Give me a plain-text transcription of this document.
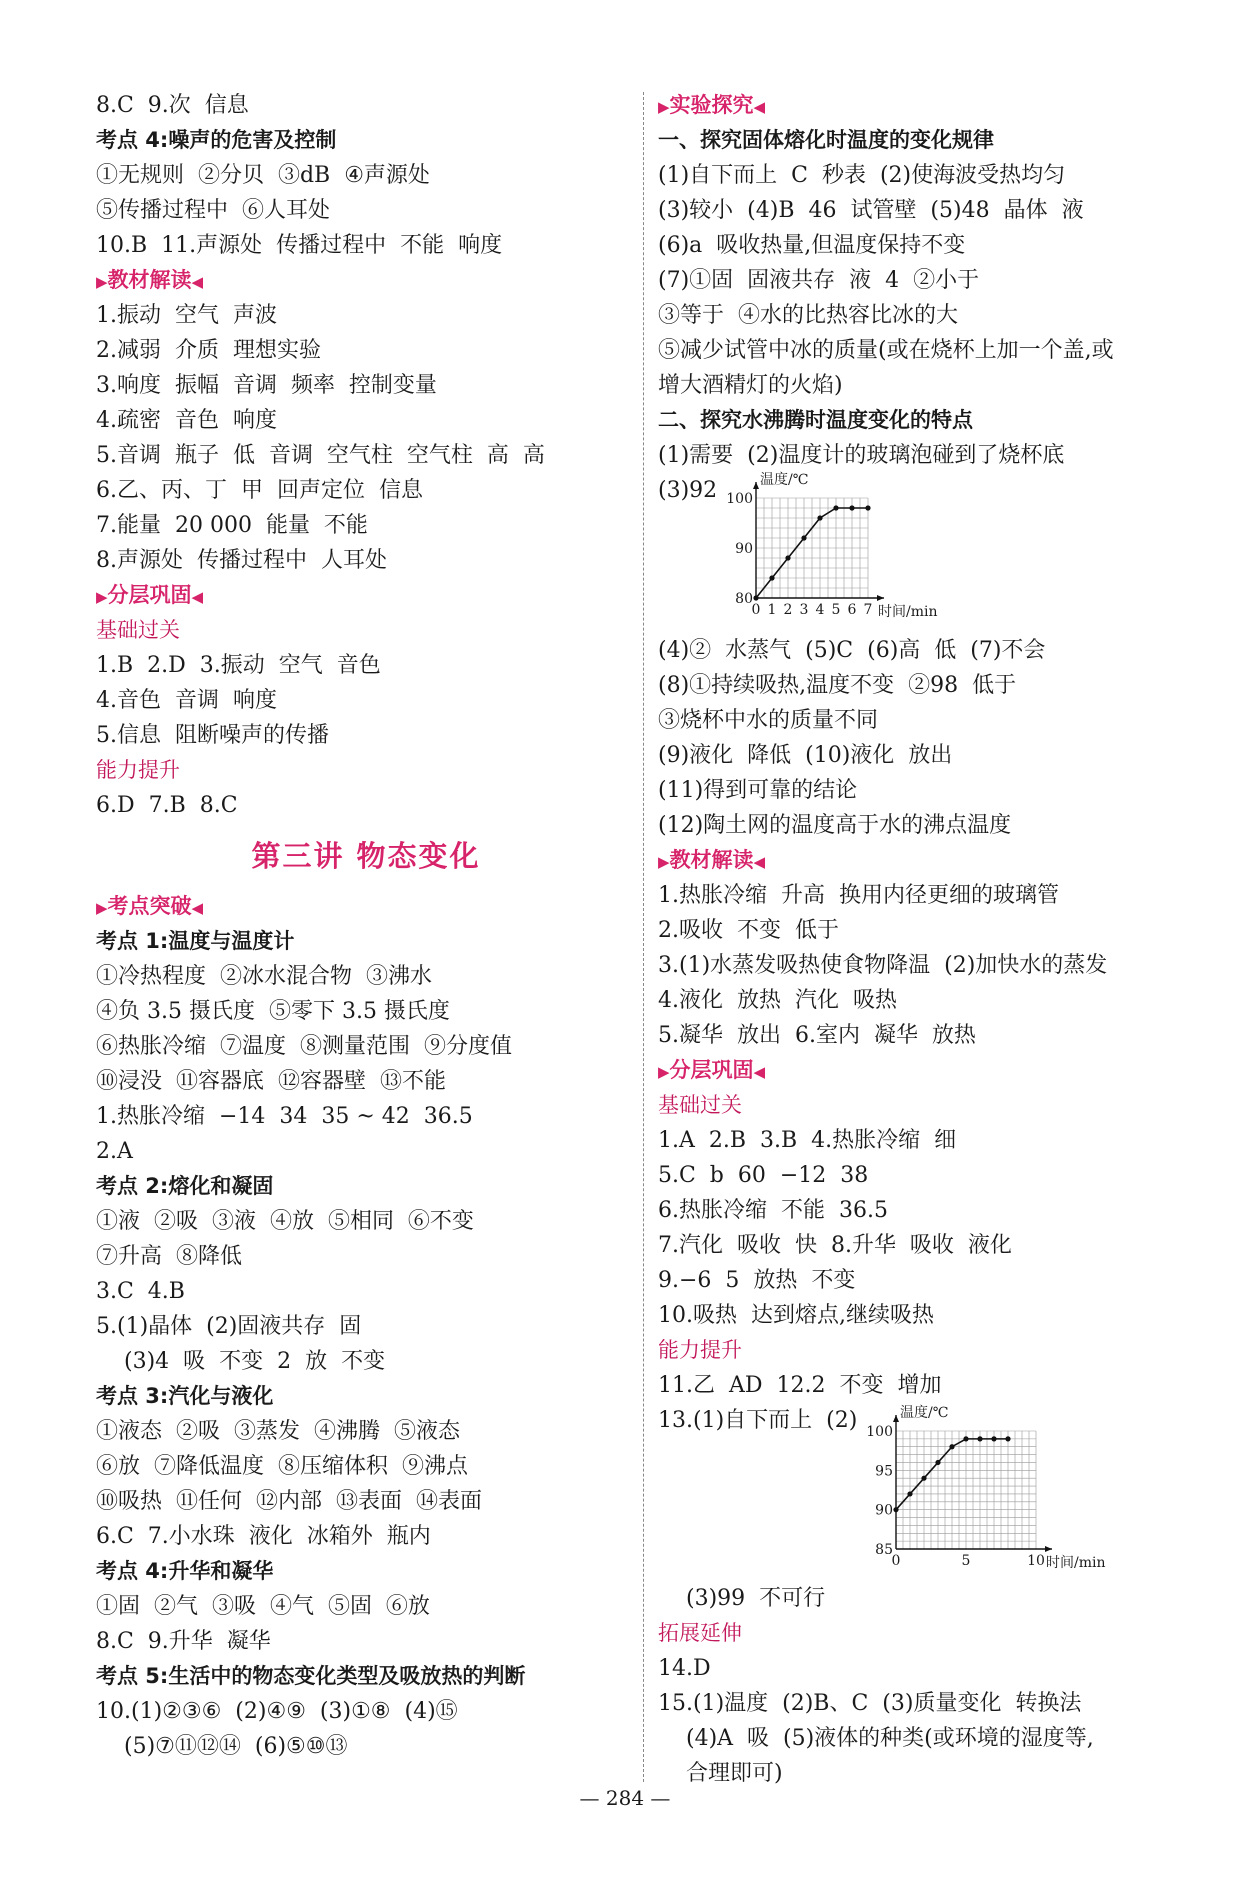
8.C  9.次  信息
考点 4:噪声的危害及控制
①无规则  ②分贝  ③dB  ④声源处
⑤传播过程中  ⑥人耳处
10.B  11.声源处  传播过程中  不能  响度
▶教材解读◀
1.振动  空气  声波
2.减弱  介质  理想实验
3.响度  振幅  音调  频率  控制变量
4.疏密  音色  响度
5.音调  瓶子  低  音调  空气柱  空气柱  高  高
6.乙、丙、丁  甲  回声定位  信息
7.能量  20 000  能量  不能
8.声源处  传播过程中  人耳处
▶分层巩固◀
基础过关
1.B  2.D  3.振动  空气  音色
4.音色  音调  响度
5.信息  阻断噪声的传播
能力提升
6.D  7.B  8.C
第三讲 物态变化
▶考点突破◀
考点 1:温度与温度计
①冷热程度  ②冰水混合物  ③沸水
④负 3.5 摄氏度  ⑤零下 3.5 摄氏度
⑥热胀冷缩  ⑦温度  ⑧测量范围  ⑨分度值
⑩浸没  ⑪容器底  ⑫容器壁  ⑬不能
1.热胀冷缩  −14  34  35 ~ 42  36.5
2.A
考点 2:熔化和凝固
①液  ②吸  ③液  ④放  ⑤相同  ⑥不变
⑦升高  ⑧降低
3.C  4.B
5.(1)晶体  (2)固液共存  固
(3)4  吸  不变  2  放  不变
考点 3:汽化与液化
①液态  ②吸  ③蒸发  ④沸腾  ⑤液态
⑥放  ⑦降低温度  ⑧压缩体积  ⑨沸点
⑩吸热  ⑪任何  ⑫内部  ⑬表面  ⑭表面
6.C  7.小水珠  液化  冰箱外  瓶内
考点 4:升华和凝华
①固  ②气  ③吸  ④气  ⑤固  ⑥放
8.C  9.升华  凝华
考点 5:生活中的物态变化类型及吸放热的判断
10.(1)②③⑥  (2)④⑨  (3)①⑧  (4)⑮
(5)⑦⑪⑫⑭  (6)⑤⑩⑬
▶实验探究◀
一、探究固体熔化时温度的变化规律
(1)自下而上  C  秒表  (2)使海波受热均匀
(3)较小  (4)B  46  试管壁  (5)48  晶体  液
(6)a  吸收热量,但温度保持不变
(7)①固  固液共存  液  4  ②小于
③等于  ④水的比热容比冰的大
⑤减少试管中冰的质量(或在烧杯上加一个盖,或
增大酒精灯的火焰)
二、探究水沸腾时温度变化的特点
(1)需要  (2)温度计的玻璃泡碰到了烧杯底
(3)92
0 1 2 3 4 5 6 7
80
90
100
温度/℃
时间/min
(4)②  水蒸气  (5)C  (6)高  低  (7)不会
(8)①持续吸热,温度不变  ②98  低于
③烧杯中水的质量不同
(9)液化  降低  (10)液化  放出
(11)得到可靠的结论
(12)陶土网的温度高于水的沸点温度
▶教材解读◀
1.热胀冷缩  升高  换用内径更细的玻璃管
2.吸收  不变  低于
3.(1)水蒸发吸热使食物降温  (2)加快水的蒸发
4.液化  放热  汽化  吸热
5.凝华  放出  6.室内  凝华  放热
▶分层巩固◀
基础过关
1.A  2.B  3.B  4.热胀冷缩  细
5.C  b  60  −12  38
6.热胀冷缩  不能  36.5
7.汽化  吸收  快  8.升华  吸收  液化
9.−6  5  放热  不变
10.吸热  达到熔点,继续吸热
能力提升
11.乙  AD  12.2  不变  增加
13.(1)自下而上  (2)
0	5	10
85
90
95
100
温度/℃
时间/min
(3)99  不可行
拓展延伸
14.D
15.(1)温度  (2)B、C  (3)质量变化  转换法
(4)A  吸  (5)液体的种类(或环境的湿度等,
合理即可)
— 284 —
